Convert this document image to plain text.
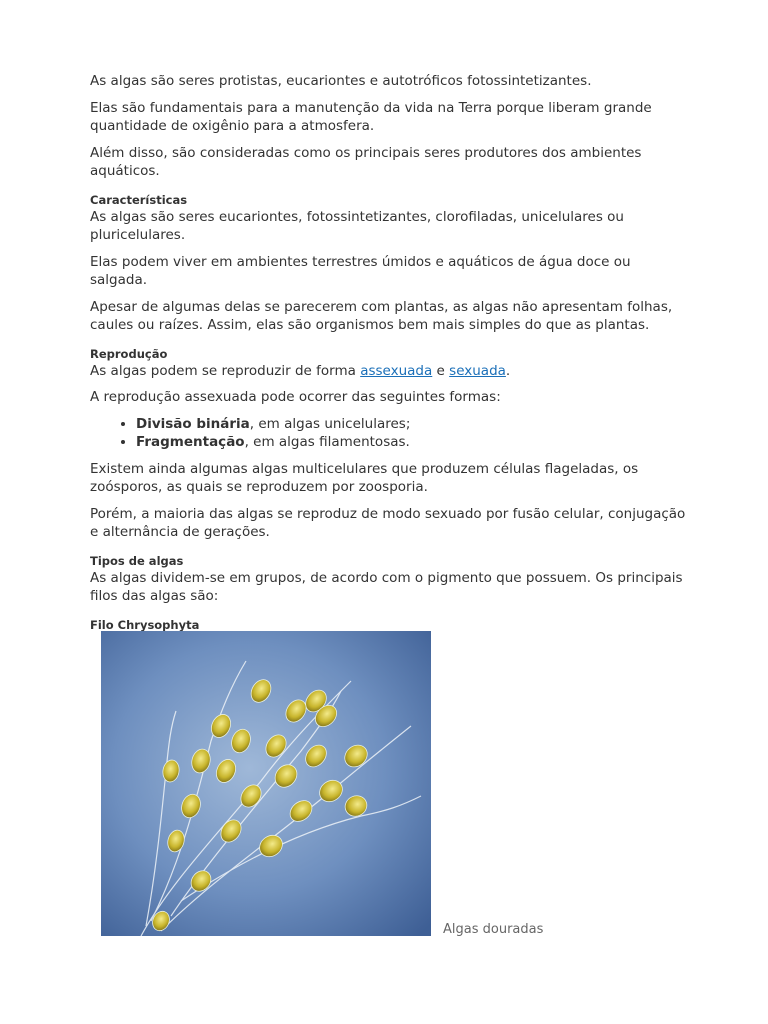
As algas são seres protistas, eucariontes e autotróficos fotossintetizantes.

Elas são fundamentais para a manutenção da vida na Terra porque liberam grande quantidade de oxigênio para a atmosfera.

Além disso, são consideradas como os principais seres produtores dos ambientes aquáticos.

Características

As algas são seres eucariontes, fotossintetizantes, clorofiladas, unicelulares ou pluricelulares.

Elas podem viver em ambientes terrestres úmidos e aquáticos de água doce ou salgada.

Apesar de algumas delas se parecerem com plantas, as algas não apresentam folhas, caules ou raízes. Assim, elas são organismos bem mais simples do que as plantas.

Reprodução

As algas podem se reproduzir de forma assexuada e sexuada.

A reprodução assexuada pode ocorrer das seguintes formas:

• Divisão binária, em algas unicelulares;
• Fragmentação, em algas filamentosas.

Existem ainda algumas algas multicelulares que produzem células flageladas, os zoósporos, as quais se reproduzem por zoosporia.

Porém, a maioria das algas se reproduz de modo sexuado por fusão celular, conjugação e alternância de gerações.

Tipos de algas

As algas dividem-se em grupos, de acordo com o pigmento que possuem. Os principais filos das algas são:

Filo Chrysophyta
Algas douradas
